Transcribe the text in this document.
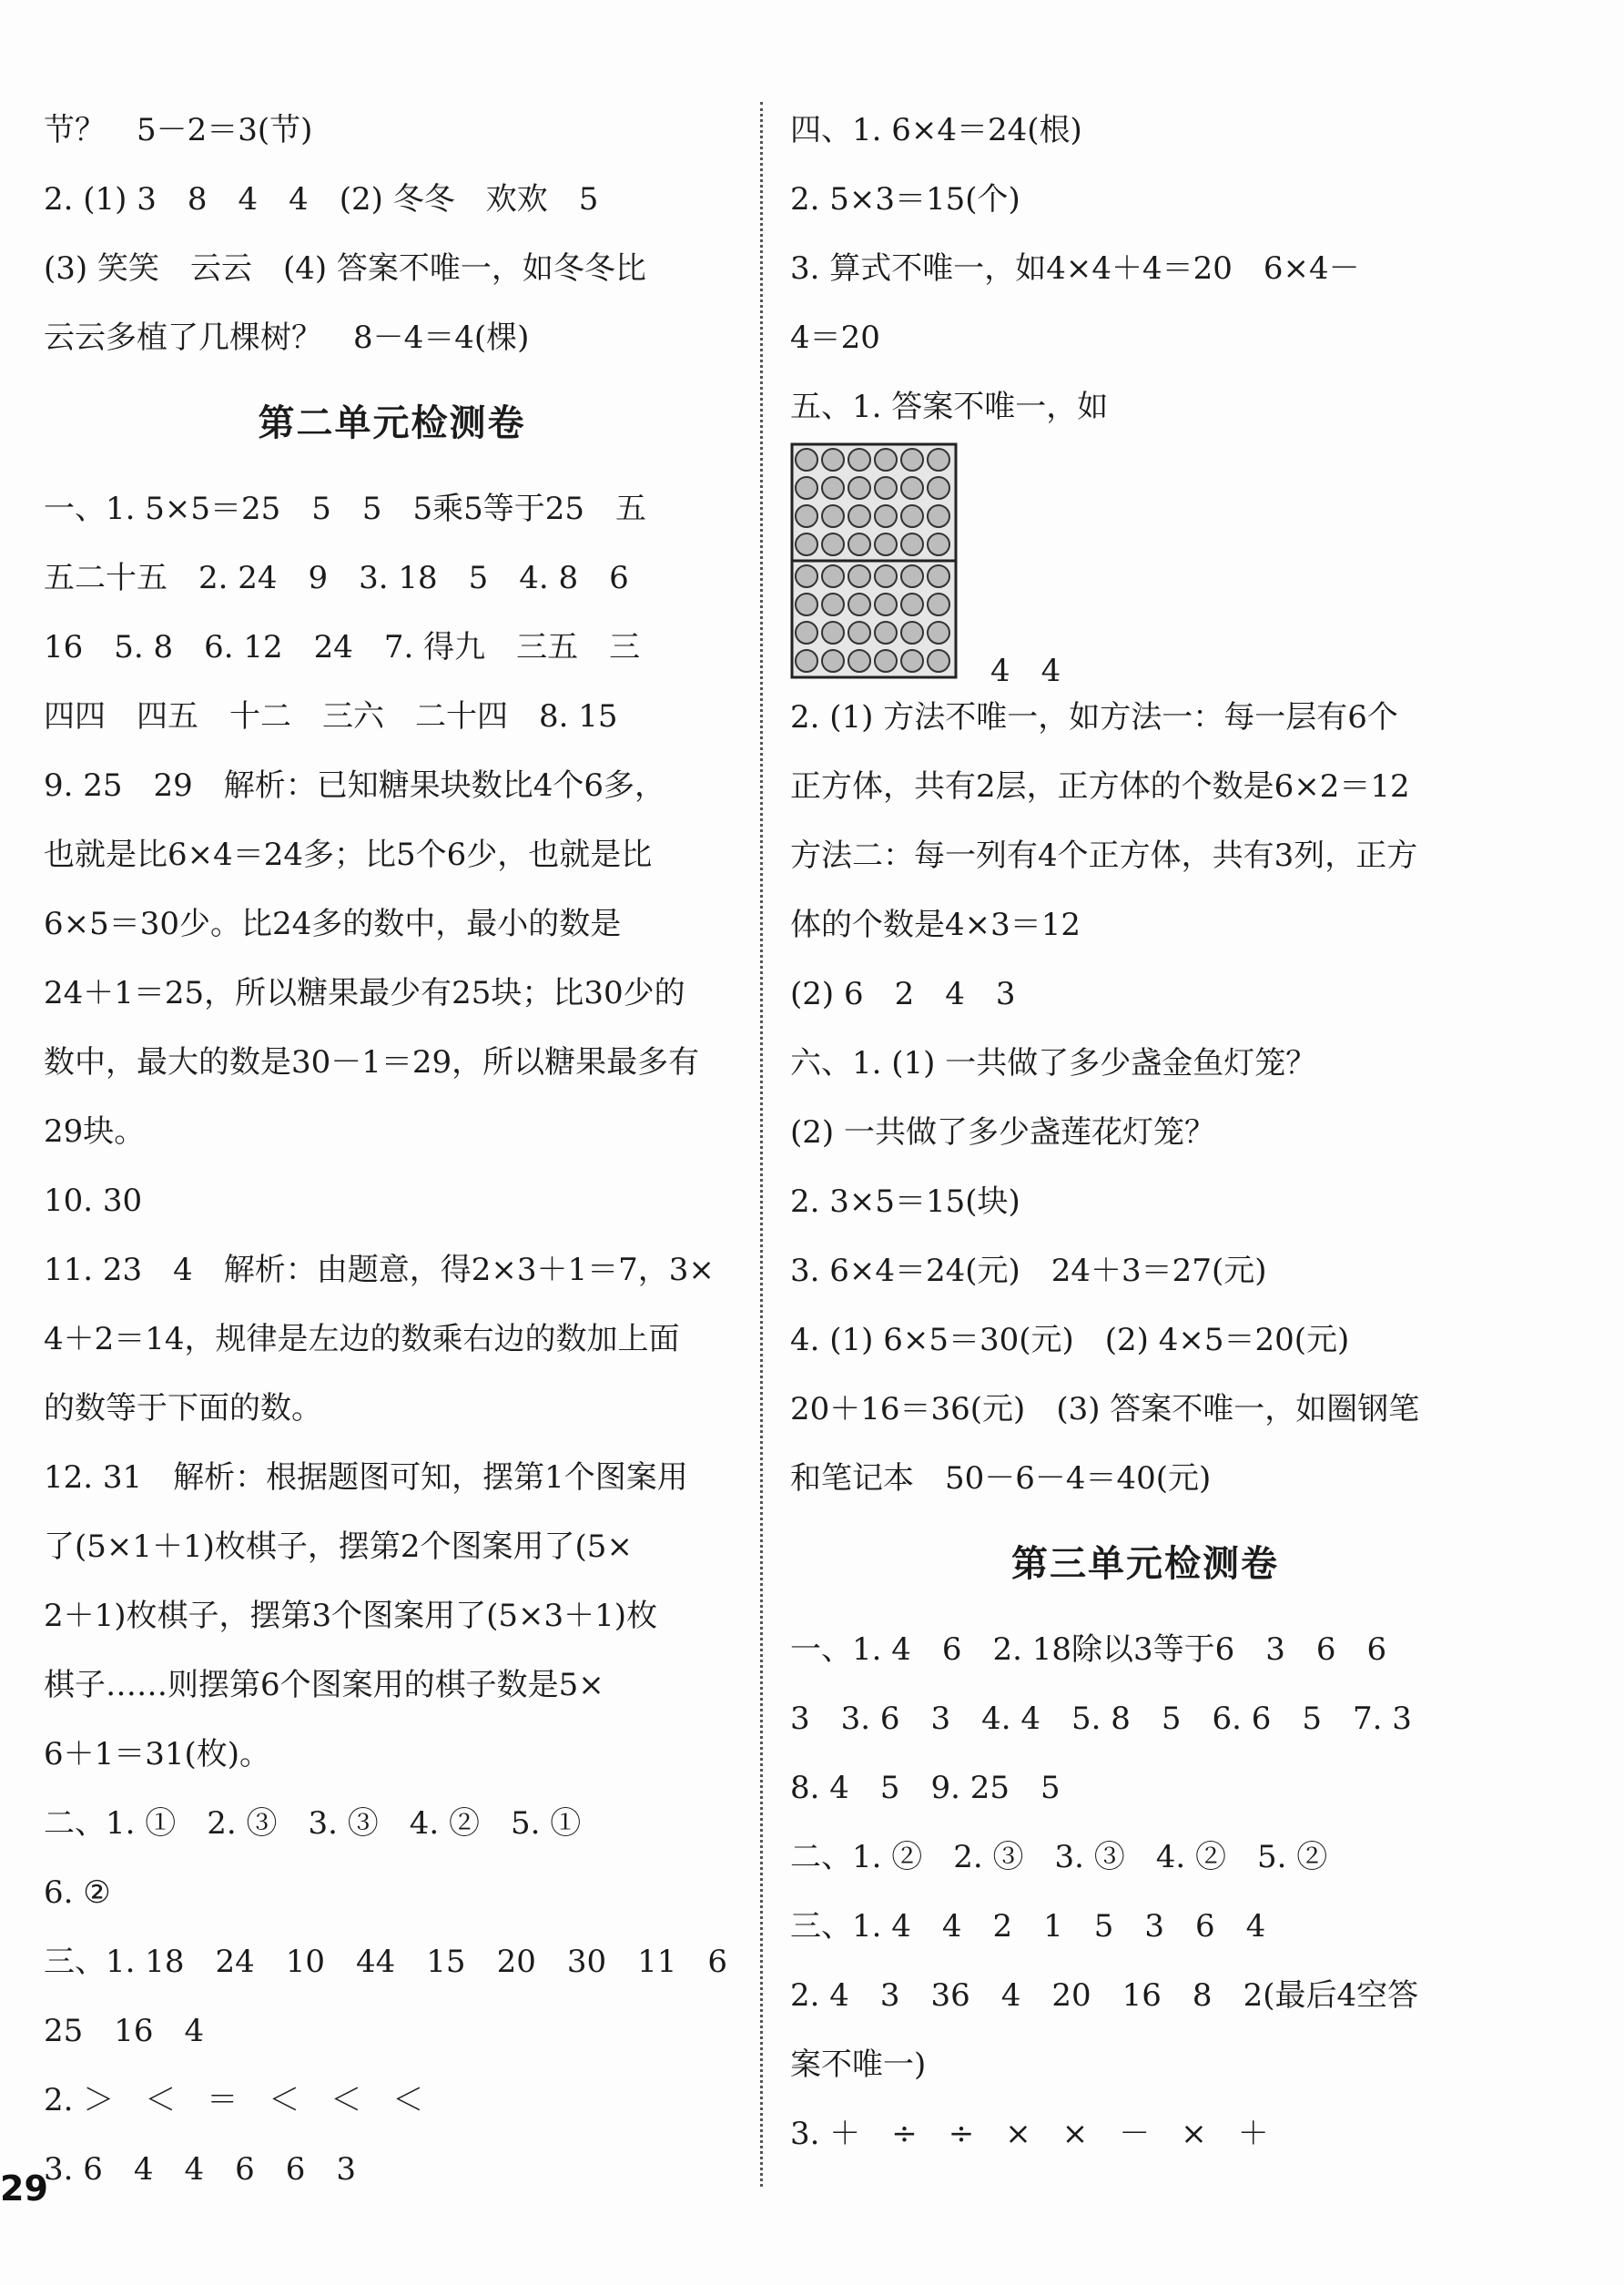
节？　5－2＝3(节)
2. (1) 3　8　4　4　(2) 冬冬　欢欢　5
(3) 笑笑　云云　(4) 答案不唯一，如冬冬比
云云多植了几棵树？　8－4＝4(棵)
第二单元检测卷
一、1. 5×5＝25　5　5　5乘5等于25　五
五二十五　2. 24　9　3. 18　5　4. 8　6
16　5. 8　6. 12　24　7. 得九　三五　三
四四　四五　十二　三六　二十四　8. 15
9. 25　29　解析：已知糖果块数比4个6多，
也就是比6×4＝24多；比5个6少，也就是比
6×5＝30少。比24多的数中，最小的数是
24＋1＝25，所以糖果最少有25块；比30少的
数中，最大的数是30－1＝29，所以糖果最多有
29块。
10. 30
11. 23　4　解析：由题意，得2×3＋1＝7，3×
4＋2＝14，规律是左边的数乘右边的数加上面
的数等于下面的数。
12. 31　解析：根据题图可知，摆第1个图案用
了(5×1＋1)枚棋子，摆第2个图案用了(5×
2＋1)枚棋子，摆第3个图案用了(5×3＋1)枚
棋子……则摆第6个图案用的棋子数是5×
6＋1＝31(枚)。
二、1. ①　2. ③　3. ③　4. ②　5. ①
6. ②
三、1. 18　24　10　44　15　20　30　11　6
25　16　4
2. ＞　＜　＝　＜　＜　＜
3. 6　4　4　6　6　3
四、1. 6×4＝24(根)
2. 5×3＝15(个)
3. 算式不唯一，如4×4＋4＝20　6×4－
4＝20
五、1. 答案不唯一，如
4　4
2. (1) 方法不唯一，如方法一：每一层有6个
正方体，共有2层，正方体的个数是6×2＝12
方法二：每一列有4个正方体，共有3列，正方
体的个数是4×3＝12
(2) 6　2　4　3
六、1. (1) 一共做了多少盏金鱼灯笼？
(2) 一共做了多少盏莲花灯笼？
2. 3×5＝15(块)
3. 6×4＝24(元)　24＋3＝27(元)
4. (1) 6×5＝30(元)　(2) 4×5＝20(元)
20＋16＝36(元)　(3) 答案不唯一，如圈钢笔
和笔记本　50－6－4＝40(元)
第三单元检测卷
一、1. 4　6　2. 18除以3等于6　3　6　6
3　3. 6　3　4. 4　5. 8　5　6. 6　5　7. 3
8. 4　5　9. 25　5
二、1. ②　2. ③　3. ③　4. ②　5. ②
三、1. 4　4　2　1　5　3　6　4
2. 4　3　36　4　20　16　8　2(最后4空答
案不唯一)
3. ＋　÷　÷　×　×　－　×　＋
29
